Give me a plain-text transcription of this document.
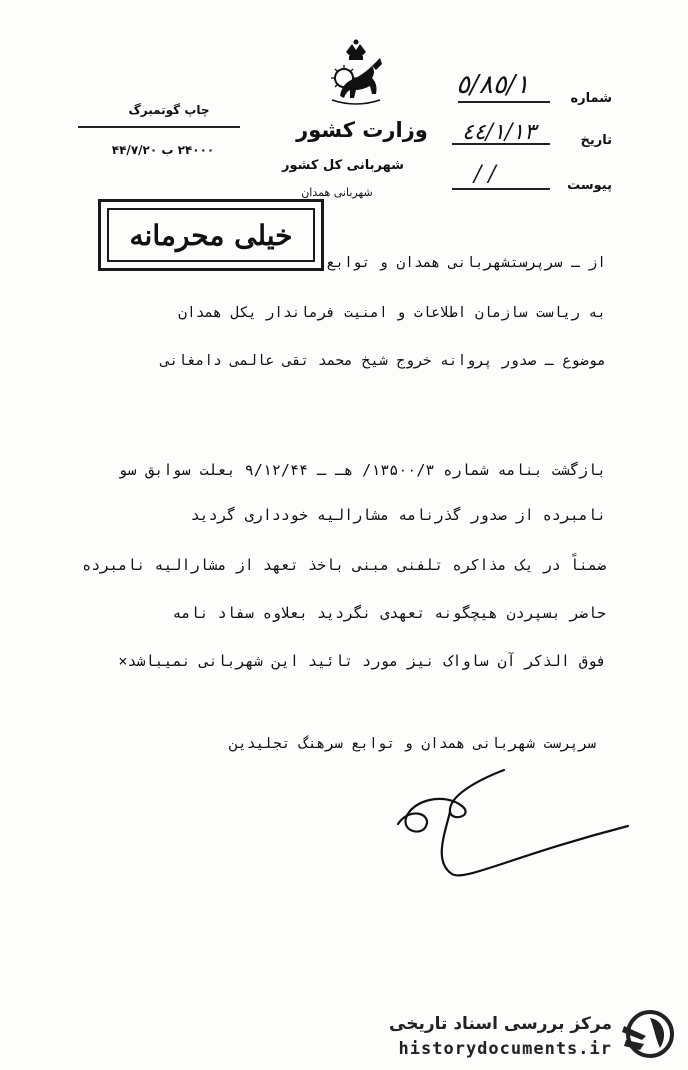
وزارت کشور
شهربانی کل کشور
شهربانی همدان
چاپ گوتمبرگ
۲۴۰۰۰ ب ۴۴/۷/۲۰
شماره
٥/٨٥/١
تاریخ
٤٤/١/١٣
پیوست
/ /
خیلی محرمانه
از ـ سرپرستشهربانی همدان و توابع
به ریاست سازمان اطلاعات و امنیت فرماندار یکل همدان
موضوع ـ صدور پروانه خروج شیخ محمد تقی عالمی دامغانی
بازگشت بنامه شماره ۱۳۵۰۰/۳/ هـ ـ ۹/۱۲/۴۴ بعلت سوابق سو
نامبرده از صدور گذرنامه مشارالیه خودداری گردید
ضمناً در یک مذاکره تلفنی مبنی باخذ تعهد از مشارالیه نامبرده
حاضر بسپردن هیچگونه تعهدی نگردید بعلاوه سفاد نامه
فوق الذکر آن ساواک نیز مورد تائید این شهربانی نمیباشد×
سرپرست شهربانی همدان و توابع سرهنگ تجلیدین
مرکز بررسی اسناد تاریخی
historydocuments.ir
